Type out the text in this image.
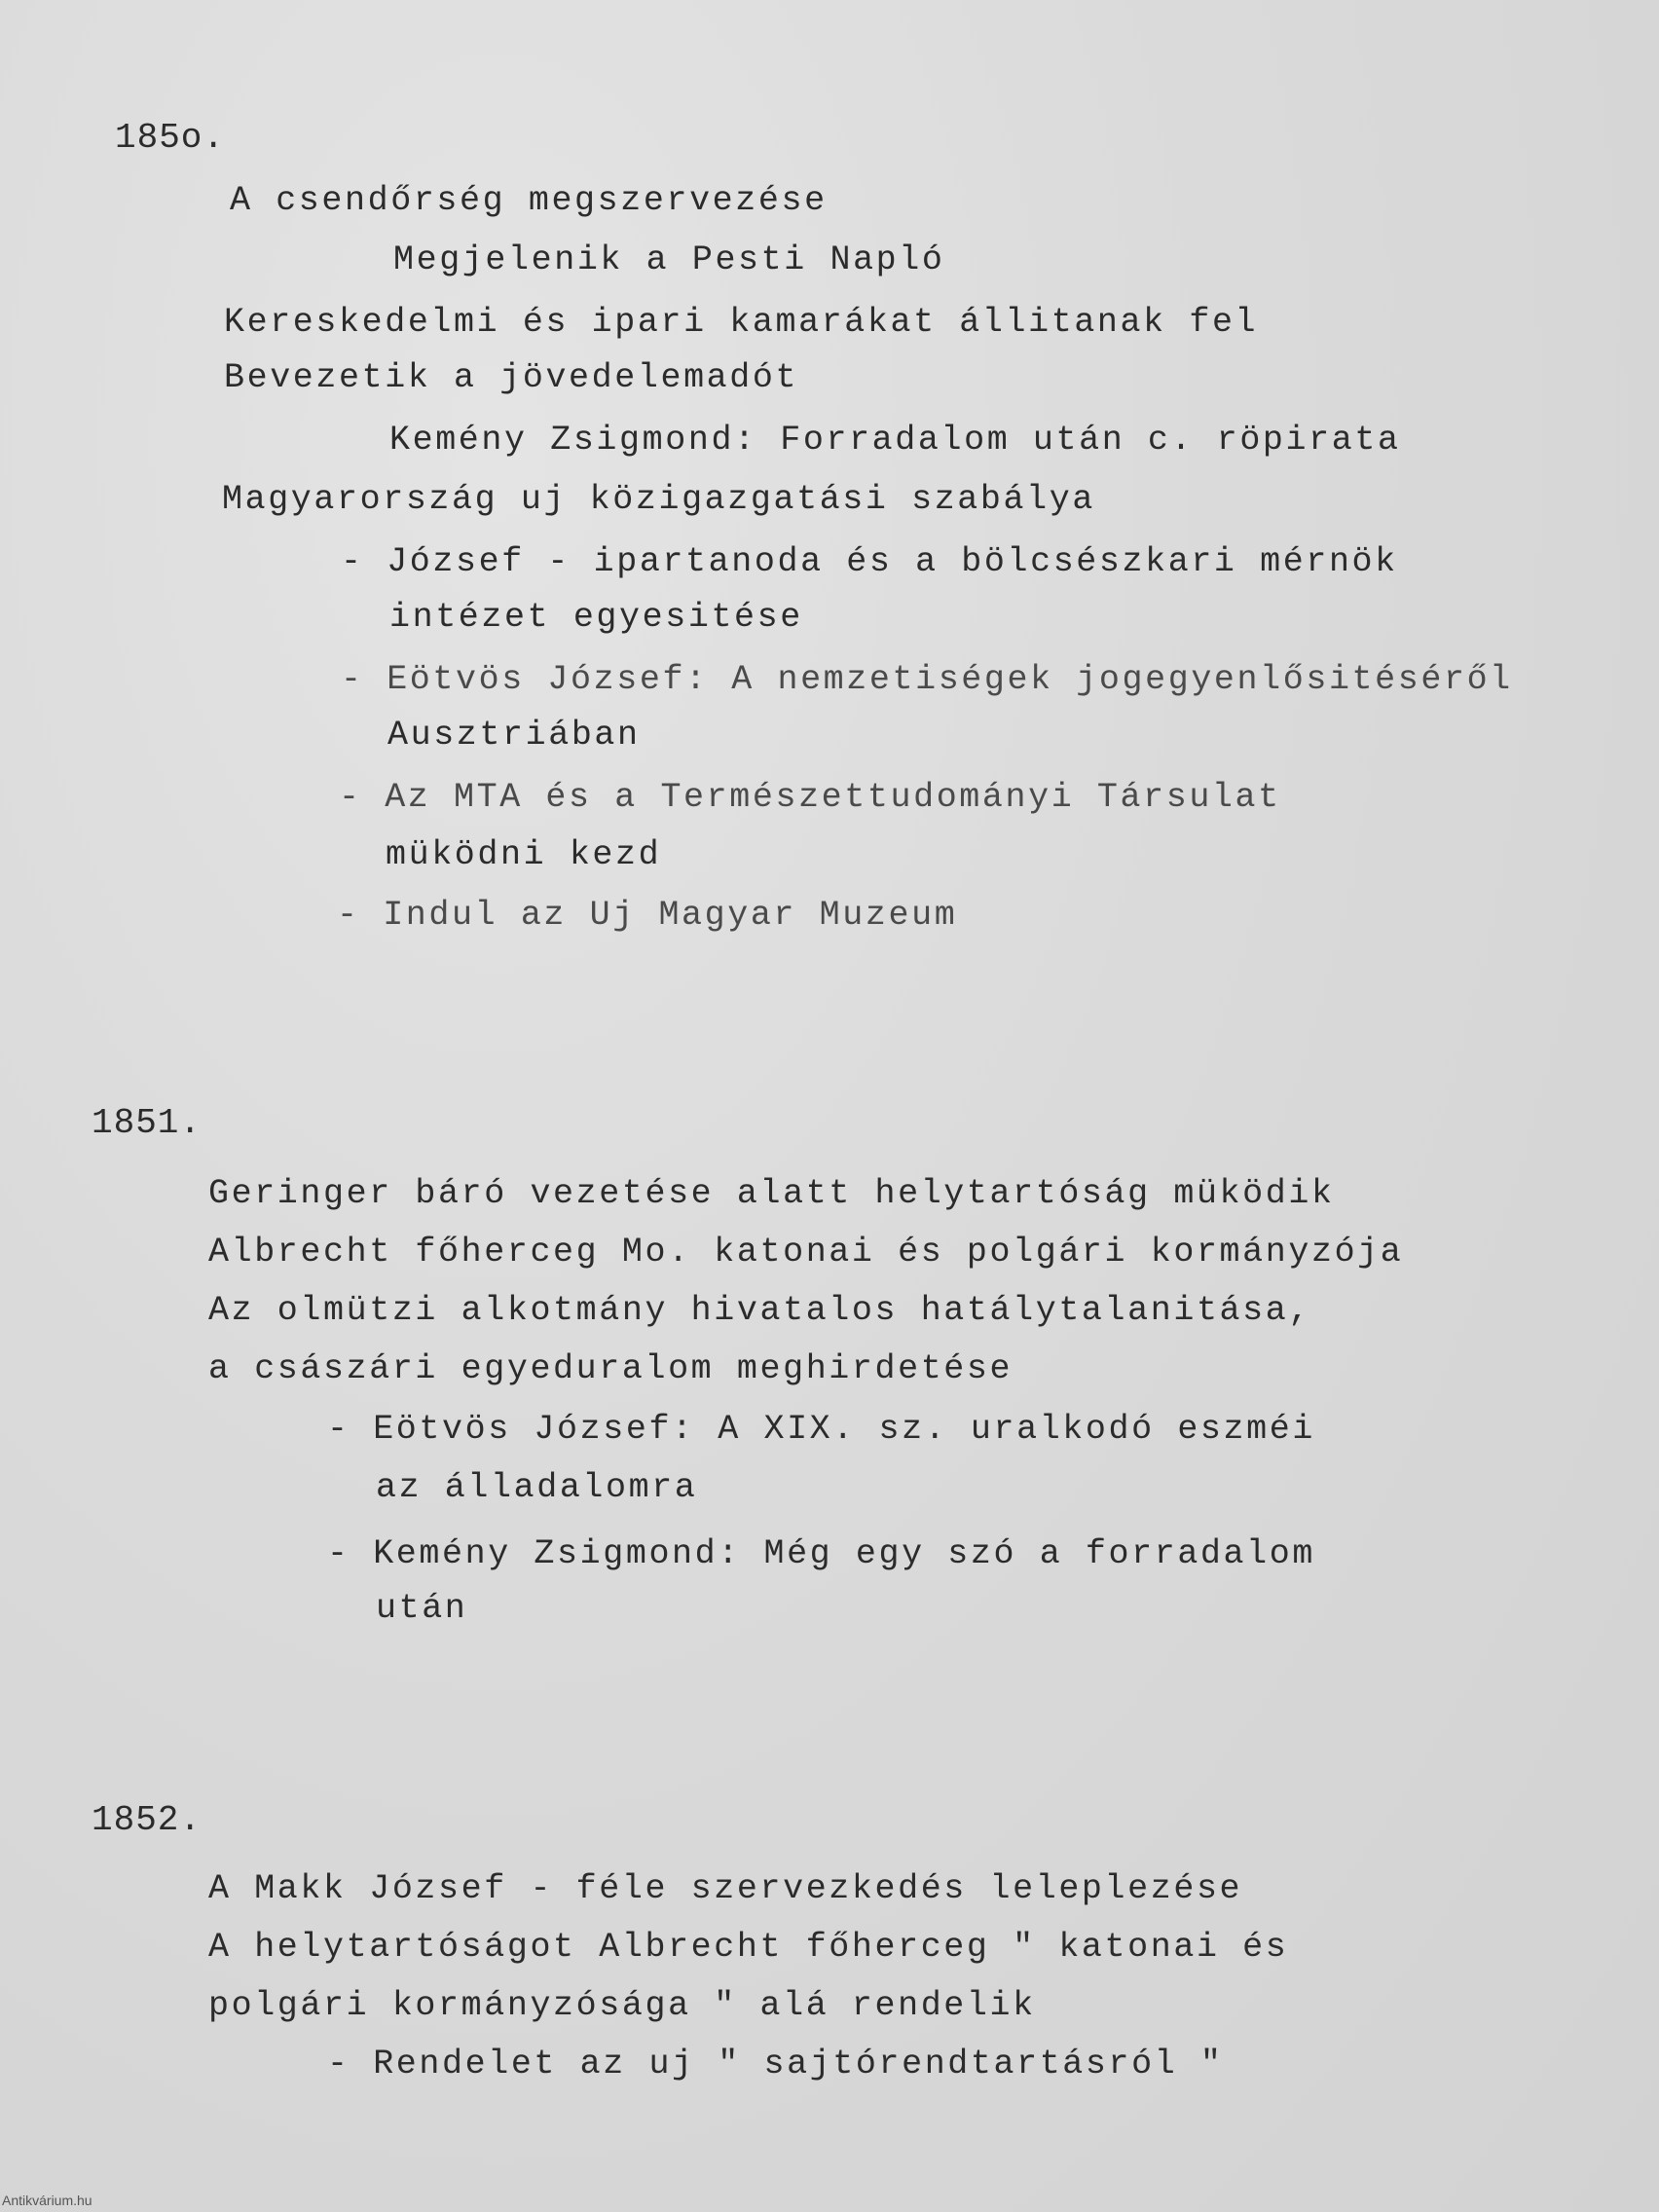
185o.
A csendőrség megszervezése
Megjelenik a Pesti Napló
Kereskedelmi és ipari kamarákat állitanak fel
Bevezetik a jövedelemadót
Kemény Zsigmond: Forradalom után c. röpirata
Magyarország uj közigazgatási szabálya
- József - ipartanoda és a bölcsészkari mérnök
intézet egyesitése
- Eötvös József: A nemzetiségek jogegyenlősitéséről
Ausztriában
- Az MTA és a Természettudományi Társulat
müködni kezd
- Indul az Uj Magyar Muzeum
1851.
Geringer báró vezetése alatt helytartóság müködik
Albrecht főherceg Mo. katonai és polgári kormányzója
Az olmützi alkotmány hivatalos hatálytalanitása,
a császári egyeduralom meghirdetése
- Eötvös József: A XIX. sz. uralkodó eszméi
az álladalomra
- Kemény Zsigmond: Még egy szó a forradalom
után
1852.
A Makk József - féle szervezkedés leleplezése
A helytartóságot Albrecht főherceg " katonai és
polgári kormányzósága " alá rendelik
- Rendelet az uj " sajtórendtartásról "
Antikvárium.hu
